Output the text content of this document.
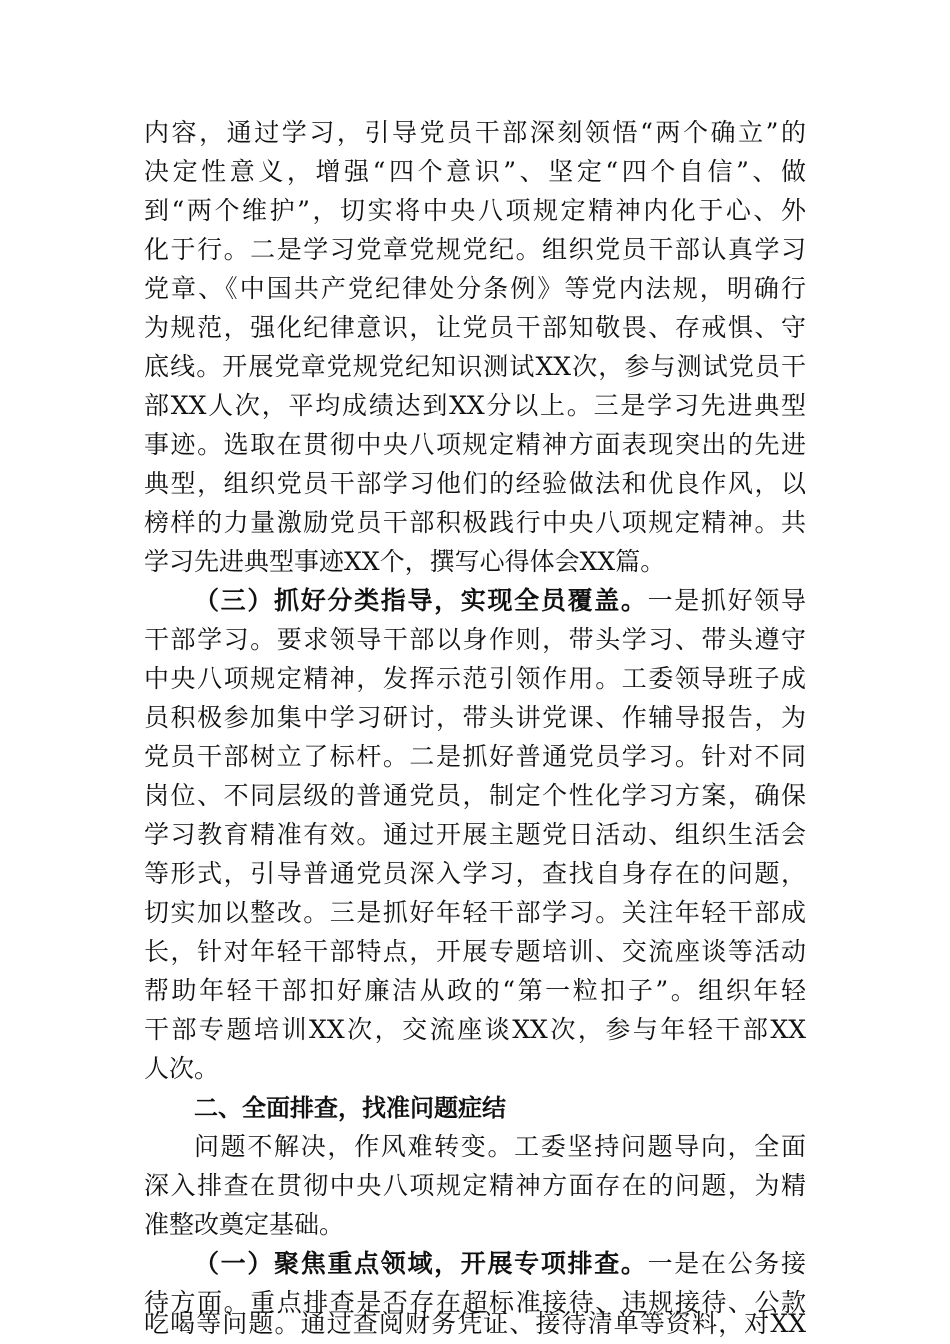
内容，通过学习，引导党员干部深刻领悟“两个确立”的
决定性意义，增强“四个意识”、坚定“四个自信”、做
到“两个维护”，切实将中央八项规定精神内化于心、外
化于行。二是学习党章党规党纪。组织党员干部认真学习
党章、《中国共产党纪律处分条例》等党内法规，明确行
为规范，强化纪律意识，让党员干部知敬畏、存戒惧、守
底线。开展党章党规党纪知识测试XX次，参与测试党员干
部XX人次，平均成绩达到XX分以上。三是学习先进典型
事迹。选取在贯彻中央八项规定精神方面表现突出的先进
典型，组织党员干部学习他们的经验做法和优良作风，以
榜样的力量激励党员干部积极践行中央八项规定精神。共
学习先进典型事迹XX个，撰写心得体会XX篇。
（三）抓好分类指导，实现全员覆盖。一是抓好领导
干部学习。要求领导干部以身作则，带头学习、带头遵守
中央八项规定精神，发挥示范引领作用。工委领导班子成
员积极参加集中学习研讨，带头讲党课、作辅导报告，为
党员干部树立了标杆。二是抓好普通党员学习。针对不同
岗位、不同层级的普通党员，制定个性化学习方案，确保
学习教育精准有效。通过开展主题党日活动、组织生活会
等形式，引导普通党员深入学习，查找自身存在的问题，
切实加以整改。三是抓好年轻干部学习。关注年轻干部成
长，针对年轻干部特点，开展专题培训、交流座谈等活动
帮助年轻干部扣好廉洁从政的“第一粒扣子”。组织年轻
干部专题培训XX次，交流座谈XX次，参与年轻干部XX
人次。
二、全面排查，找准问题症结
问题不解决，作风难转变。工委坚持问题导向，全面
深入排查在贯彻中央八项规定精神方面存在的问题，为精
准整改奠定基础。
（一）聚焦重点领域，开展专项排查。一是在公务接
待方面。重点排查是否存在超标准接待、违规接待、公款
吃喝等问题。通过查阅财务凭证、接待清单等资料，对XX
